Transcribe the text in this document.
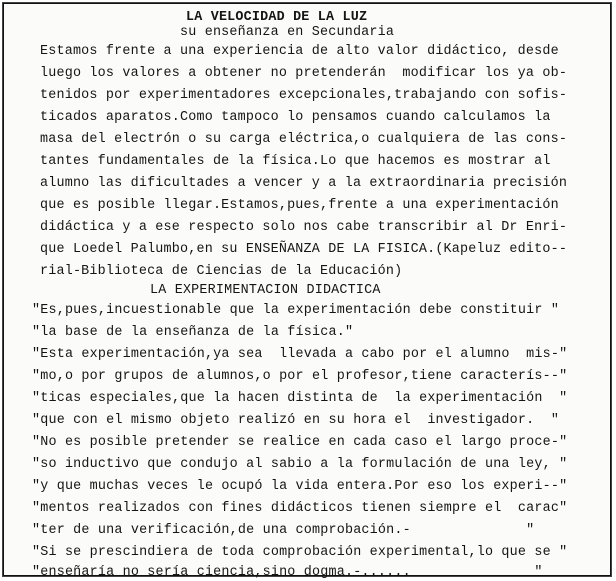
LA VELOCIDAD DE LA LUZ
su enseñanza en Secundaria
Estamos frente a una experiencia de alto valor didáctico, desde
luego los valores a obtener no pretenderán  modificar los ya ob-
tenidos por experimentadores excepcionales,trabajando con sofis-
ticados aparatos.Como tampoco lo pensamos cuando calculamos la
masa del electrón o su carga eléctrica,o cualquiera de las cons-
tantes fundamentales de la física.Lo que hacemos es mostrar al
alumno las dificultades a vencer y a la extraordinaria precisión
que es posible llegar.Estamos,pues,frente a una experimentación
didáctica y a ese respecto solo nos cabe transcribir al Dr Enri-
que Loedel Palumbo,en su ENSEÑANZA DE LA FISICA.(Kapeluz edito--
rial-Biblioteca de Ciencias de la Educación)
LA EXPERIMENTACION DIDACTICA
"Es,pues,incuestionable que la experimentación debe constituir "
"la base de la enseñanza de la física."
"Esta experimentación,ya sea  llevada a cabo por el alumno  mis-"
"mo,o por grupos de alumnos,o por el profesor,tiene caracterís--"
"ticas especiales,que la hacen distinta de  la experimentación  "
"que con el mismo objeto realizó en su hora el  investigador.  "
"No es posible pretender se realice en cada caso el largo proce-"
"so inductivo que condujo al sabio a la formulación de una ley, "
"y que muchas veces le ocupó la vida entera.Por eso los experi--"
"mentos realizados con fines didácticos tienen siempre el  carac"
"ter de una verificación,de una comprobación.-              "
"Si se prescindiera de toda comprobación experimental,lo que se "
"enseñaría no sería ciencia,sino dogma.-......               "
